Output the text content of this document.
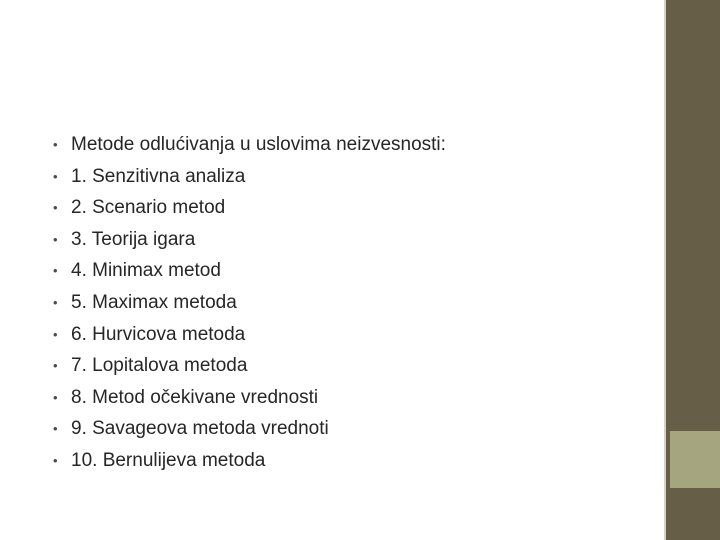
• Metode odlućivanja u uslovima neizvesnosti:
• 1. Senzitivna analiza
• 2. Scenario metod
• 3. Teorija igara
• 4. Minimax metod
• 5. Maximax metoda
• 6. Hurvicova metoda
• 7. Lopitalova metoda
• 8. Metod očekivane vrednosti
• 9. Savageova metoda vrednoti
• 10. Bernulijeva metoda
